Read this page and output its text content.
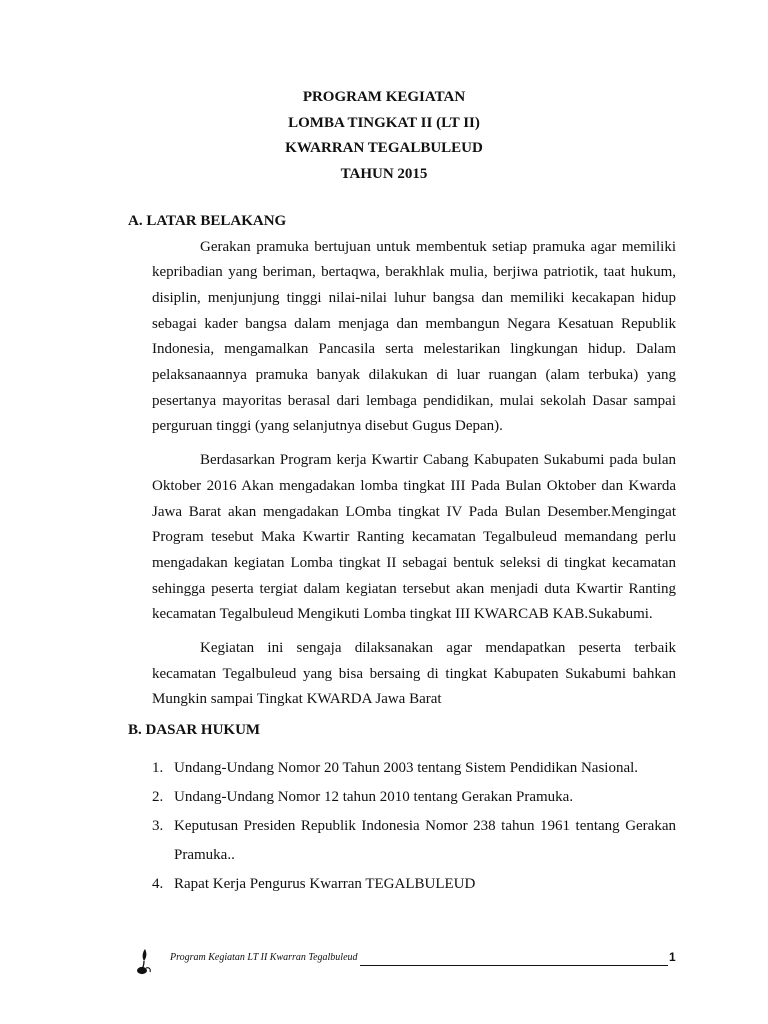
PROGRAM KEGIATAN

LOMBA TINGKAT II (LT II)

KWARRAN TEGALBULEUD

TAHUN 2015

A. LATAR BELAKANG

Gerakan pramuka bertujuan untuk membentuk setiap pramuka agar memiliki kepribadian yang beriman, bertaqwa, berakhlak mulia, berjiwa patriotik, taat hukum, disiplin, menjunjung tinggi nilai-nilai luhur bangsa dan memiliki kecakapan hidup sebagai kader bangsa dalam menjaga dan membangun Negara Kesatuan Republik Indonesia, mengamalkan Pancasila serta melestarikan lingkungan hidup. Dalam pelaksanaannya pramuka banyak dilakukan di luar ruangan (alam terbuka) yang pesertanya mayoritas berasal dari lembaga pendidikan, mulai sekolah Dasar sampai perguruan tinggi (yang selanjutnya disebut Gugus Depan).

Berdasarkan Program kerja Kwartir Cabang Kabupaten Sukabumi pada bulan Oktober 2016 Akan mengadakan lomba tingkat III Pada Bulan Oktober dan Kwarda Jawa Barat akan mengadakan LOmba tingkat IV Pada Bulan Desember.Mengingat Program tesebut Maka Kwartir Ranting kecamatan Tegalbuleud memandang perlu mengadakan kegiatan Lomba tingkat II sebagai bentuk seleksi di tingkat kecamatan sehingga peserta tergiat dalam kegiatan tersebut akan menjadi duta Kwartir Ranting kecamatan Tegalbuleud Mengikuti Lomba tingkat III KWARCAB KAB.Sukabumi.

Kegiatan ini sengaja dilaksanakan agar mendapatkan peserta terbaik kecamatan Tegalbuleud yang bisa bersaing di tingkat Kabupaten Sukabumi bahkan Mungkin sampai Tingkat KWARDA Jawa Barat

B. DASAR HUKUM

1. Undang-Undang Nomor 20 Tahun 2003 tentang Sistem Pendidikan Nasional.
2. Undang-Undang Nomor 12 tahun 2010 tentang Gerakan Pramuka.
3. Keputusan Presiden Republik Indonesia Nomor 238 tahun 1961 tentang Gerakan Pramuka..
4. Rapat Kerja Pengurus Kwarran TEGALBULEUD
Program Kegiatan LT II Kwarran Tegalbuleud	1
